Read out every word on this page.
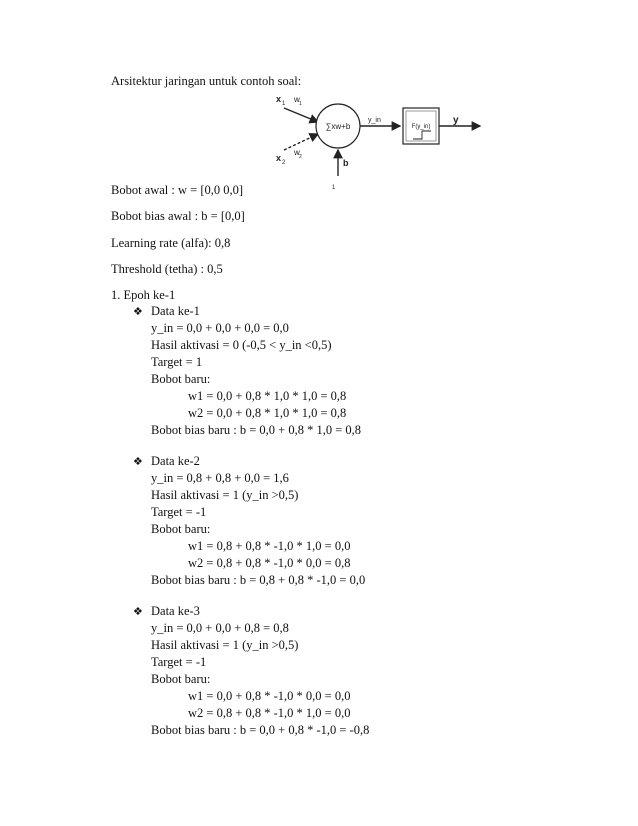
Arsitektur jaringan untuk contoh soal:
x 1
x 2
w 1
w 2
∑xw+b
b
1
y_in
F(y_in)
y
Bobot awal : w = [0,0 0,0]
Bobot bias awal : b = [0,0]
Learning rate (alfa): 0,8
Threshold (tetha) : 0,5
1. Epoh ke-1
❖ Data ke-1
y_in = 0,0 + 0,0 + 0,0 = 0,0
Hasil aktivasi = 0 (-0,5 < y_in <0,5)
Target = 1
Bobot baru:
w1 = 0,0 + 0,8 * 1,0 * 1,0 = 0,8
w2 = 0,0 + 0,8 * 1,0 * 1,0 = 0,8
Bobot bias baru : b = 0,0 + 0,8 * 1,0 = 0,8
❖ Data ke-2
y_in = 0,8 + 0,8 + 0,0 = 1,6
Hasil aktivasi = 1 (y_in >0,5)
Target = -1
Bobot baru:
w1 = 0,8 + 0,8 * -1,0 * 1,0 = 0,0
w2 = 0,8 + 0,8 * -1,0 * 0,0 = 0,8
Bobot bias baru : b = 0,8 + 0,8 * -1,0 = 0,0
❖ Data ke-3
y_in = 0,0 + 0,0 + 0,8 = 0,8
Hasil aktivasi = 1 (y_in >0,5)
Target = -1
Bobot baru:
w1 = 0,0 + 0,8 * -1,0 * 0,0 = 0,0
w2 = 0,8 + 0,8 * -1,0 * 1,0 = 0,0
Bobot bias baru : b = 0,0 + 0,8 * -1,0 = -0,8
